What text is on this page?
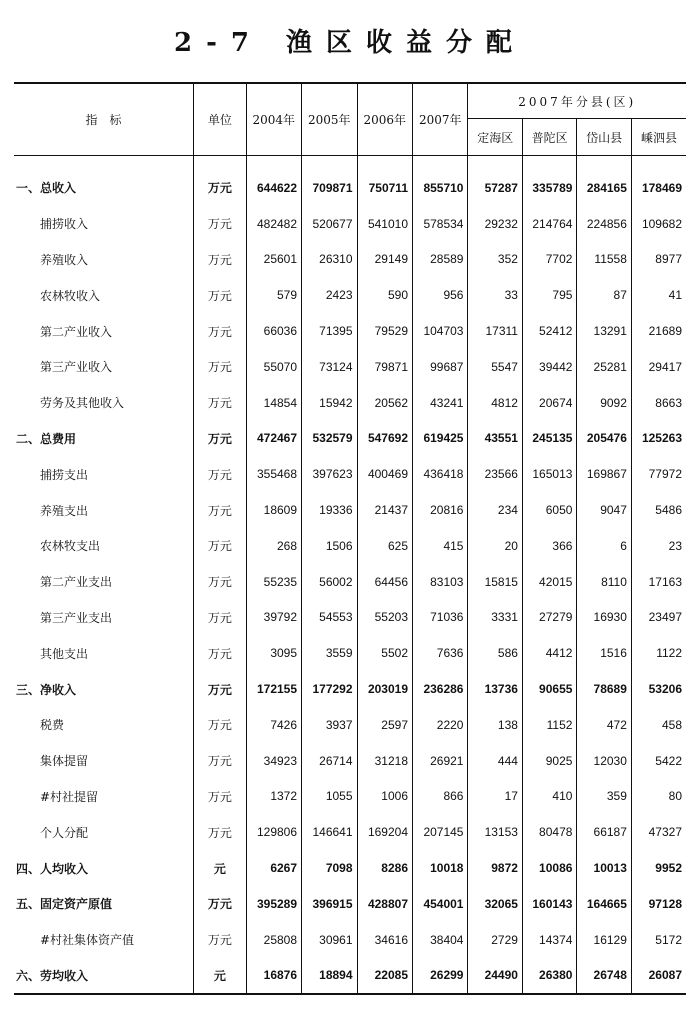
2-7 渔区收益分配
指　标	单位	2004年	2005年	2006年	2007年	2007年分县(区)			
						定海区	普陀区	岱山县	嵊泗县

一、总收入	万元	644622	709871	750711	855710	57287	335789	284165	178469
捕捞收入	万元	482482	520677	541010	578534	29232	214764	224856	109682
养殖收入	万元	25601	26310	29149	28589	352	7702	11558	8977
农林牧收入	万元	579	2423	590	956	33	795	87	41
第二产业收入	万元	66036	71395	79529	104703	17311	52412	13291	21689
第三产业收入	万元	55070	73124	79871	99687	5547	39442	25281	29417
劳务及其他收入	万元	14854	15942	20562	43241	4812	20674	9092	8663
二、总费用	万元	472467	532579	547692	619425	43551	245135	205476	125263
捕捞支出	万元	355468	397623	400469	436418	23566	165013	169867	77972
养殖支出	万元	18609	19336	21437	20816	234	6050	9047	5486
农林牧支出	万元	268	1506	625	415	20	366	6	23
第二产业支出	万元	55235	56002	64456	83103	15815	42015	8110	17163
第三产业支出	万元	39792	54553	55203	71036	3331	27279	16930	23497
其他支出	万元	3095	3559	5502	7636	586	4412	1516	1122
三、净收入	万元	172155	177292	203019	236286	13736	90655	78689	53206
税费	万元	7426	3937	2597	2220	138	1152	472	458
集体提留	万元	34923	26714	31218	26921	444	9025	12030	5422
#村社提留	万元	1372	1055	1006	866	17	410	359	80
个人分配	万元	129806	146641	169204	207145	13153	80478	66187	47327
四、人均收入	元	6267	7098	8286	10018	9872	10086	10013	9952
五、固定资产原值	万元	395289	396915	428807	454001	32065	160143	164665	97128
#村社集体资产值	万元	25808	30961	34616	38404	2729	14374	16129	5172
六、劳均收入	元	16876	18894	22085	26299	24490	26380	26748	26087
